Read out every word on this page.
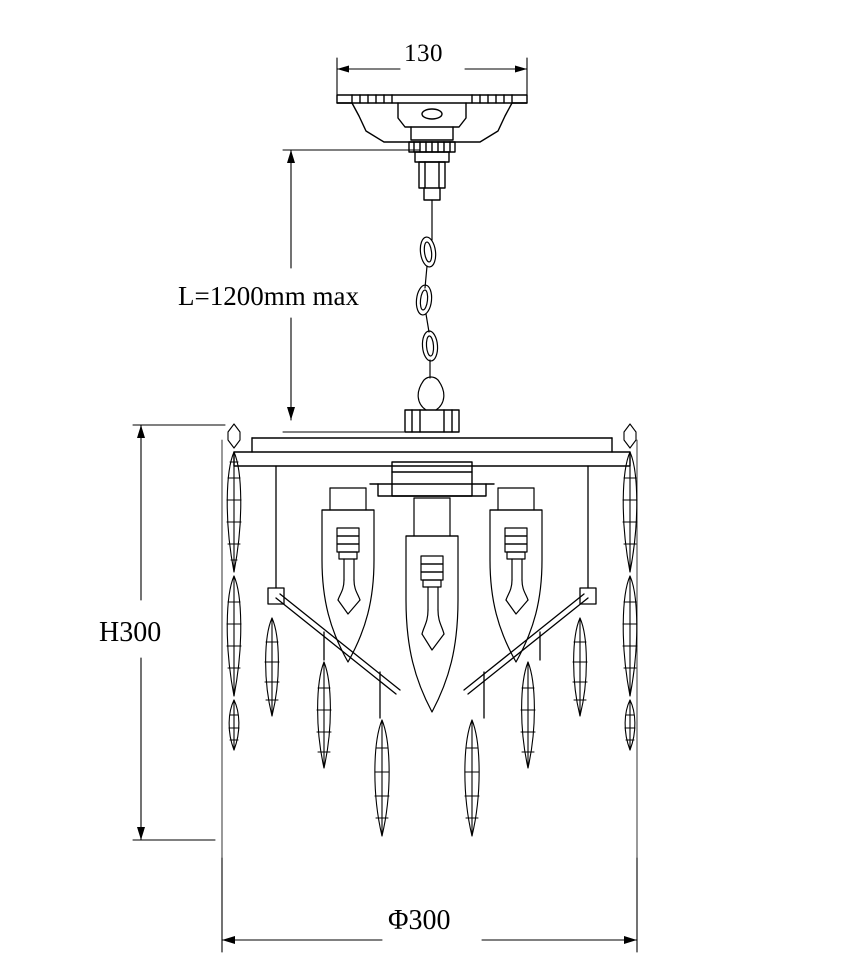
130
L=1200mm max
H300
Φ300
